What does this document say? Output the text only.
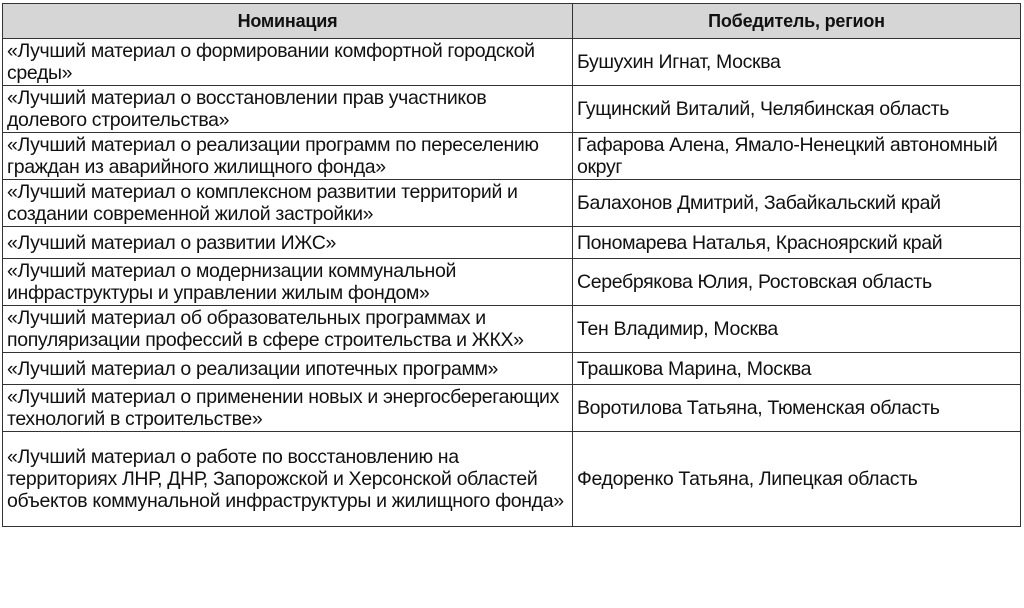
Номинация	Победитель, регион
«Лучший материал о формировании комфортной городской среды»	Бушухин Игнат, Москва
«Лучший материал о восстановлении прав участников долевого строительства»	Гущинский Виталий, Челябинская область
«Лучший материал о реализации программ по переселению граждан из аварийного жилищного фонда»	Гафарова Алена, Ямало-Ненецкий автономный округ
«Лучший материал о комплексном развитии территорий и создании современной жилой застройки»	Балахонов Дмитрий, Забайкальский край
«Лучший материал о развитии ИЖС»	Пономарева Наталья, Красноярский край
«Лучший материал о модернизации коммунальной инфраструктуры и управлении жилым фондом»	Серебрякова Юлия, Ростовская область
«Лучший материал об образовательных программах и популяризации профессий в сфере строительства и ЖКХ»	Тен Владимир, Москва
«Лучший материал о реализации ипотечных программ»	Трашкова Марина, Москва
«Лучший материал о применении новых и энергосберегающих технологий в строительстве»	Воротилова Татьяна, Тюменская область
«Лучший материал о работе по восстановлению на территориях ЛНР, ДНР, Запорожской и Херсонской областей объектов коммунальной инфраструктуры и жилищного фонда»	Федоренко Татьяна, Липецкая область
